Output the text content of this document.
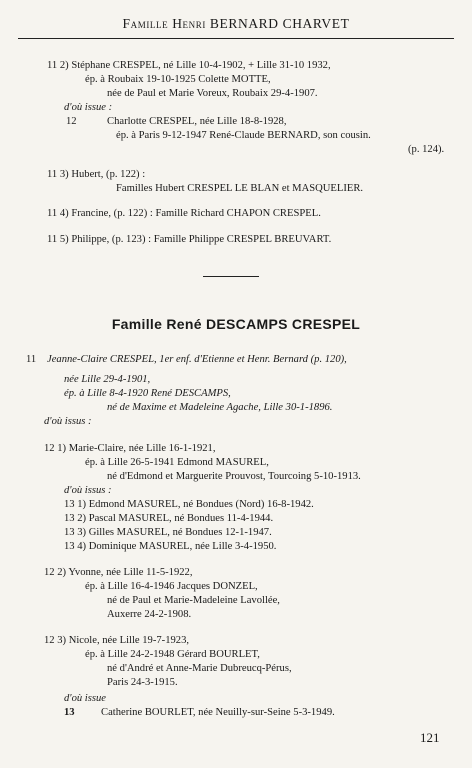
Famille Henri BERNARD CHARVET
11 2) Stéphane CRESPEL, né Lille 10-4-1902, + Lille 31-10 1932,
ép. à Roubaix 19-10-1925 Colette MOTTE,
née de Paul et Marie Voreux, Roubaix 29-4-1907.
d'où issue :
12	Charlotte CRESPEL, née Lille 18-8-1928,
ép. à Paris 9-12-1947 René-Claude BERNARD, son cousin.
(p. 124).
11 3) Hubert, (p. 122) :
Familles Hubert CRESPEL LE BLAN et MASQUELIER.
11 4) Francine, (p. 122) : Famille Richard CHAPON CRESPEL.
11 5) Philippe, (p. 123) : Famille Philippe CRESPEL BREUVART.
Famille René DESCAMPS CRESPEL
11 Jeanne-Claire CRESPEL, 1er enf. d'Etienne et Henr. Bernard (p. 120),
née Lille 29-4-1901,
ép. à Lille 8-4-1920 René DESCAMPS,
né de Maxime et Madeleine Agache, Lille 30-1-1896.
d'où issus :
12 1) Marie-Claire, née Lille 16-1-1921,
ép. à Lille 26-5-1941 Edmond MASUREL,
né d'Edmond et Marguerite Prouvost, Tourcoing 5-10-1913.
d'où issus :
13 1) Edmond MASUREL, né Bondues (Nord) 16-8-1942.
13 2) Pascal MASUREL, né Bondues 11-4-1944.
13 3) Gilles MASUREL, né Bondues 12-1-1947.
13 4) Dominique MASUREL, née Lille 3-4-1950.
12 2) Yvonne, née Lille 11-5-1922,
ép. à Lille 16-4-1946 Jacques DONZEL,
né de Paul et Marie-Madeleine Lavollée,
Auxerre 24-2-1908.
12 3) Nicole, née Lille 19-7-1923,
ép. à Lille 24-2-1948 Gérard BOURLET,
né d'André et Anne-Marie Dubreucq-Pérus,
Paris 24-3-1915.
d'où issue
13 Catherine BOURLET, née Neuilly-sur-Seine 5-3-1949.
121
